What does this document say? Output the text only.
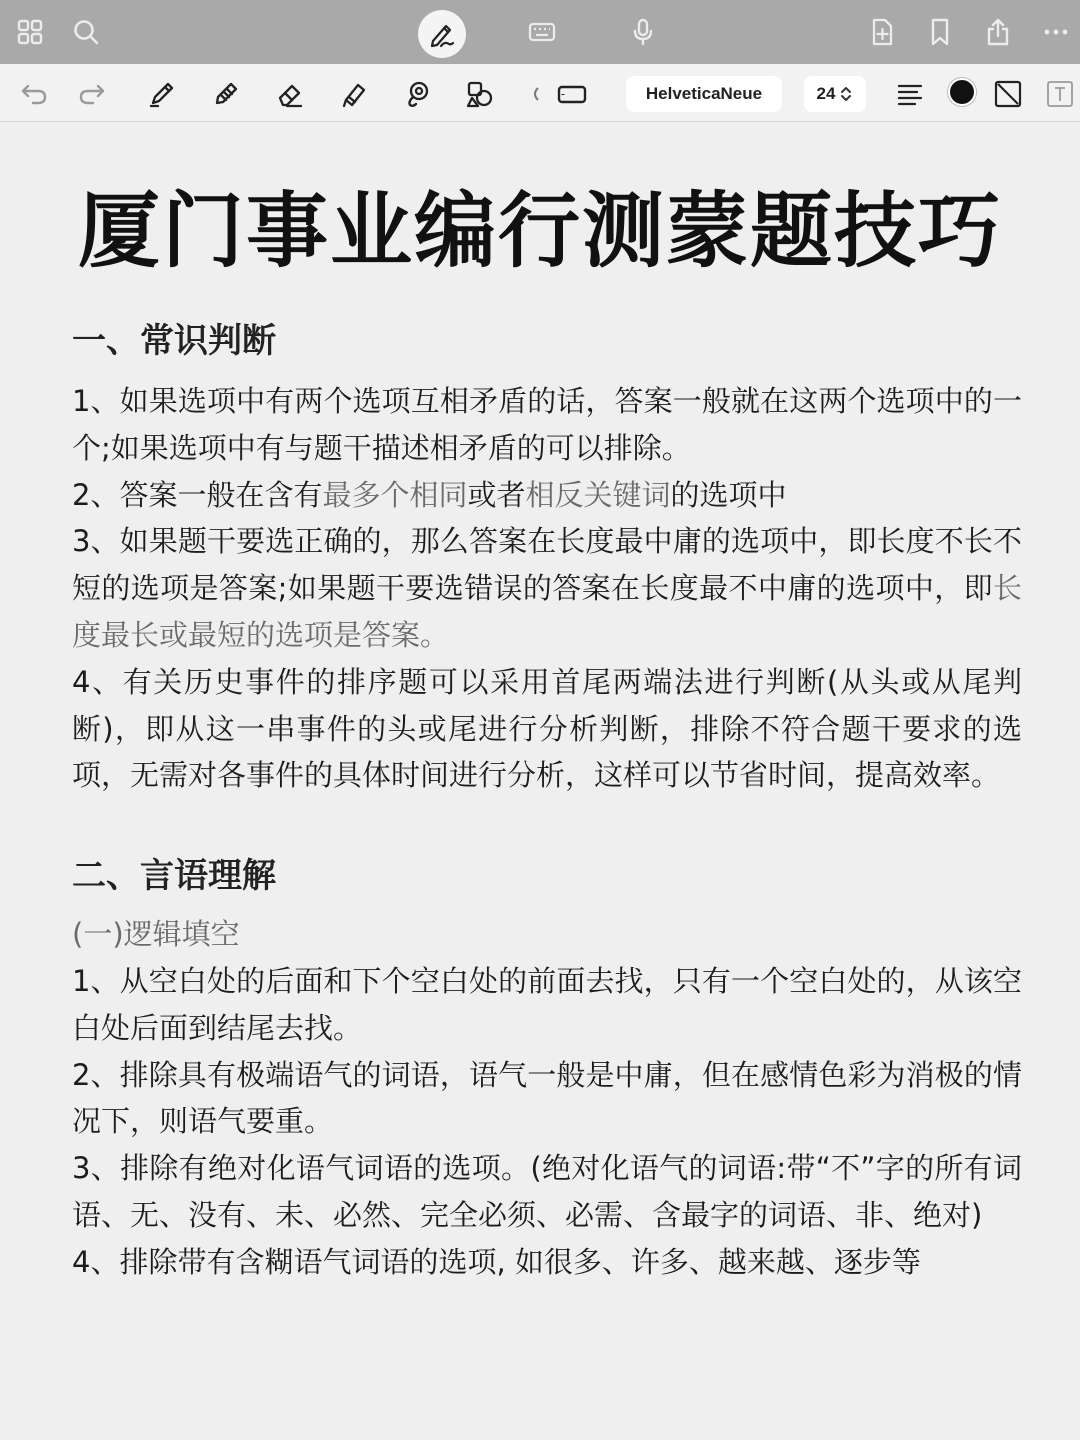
HelveticaNeue	24
厦门事业编行测蒙题技巧
一、常识判断
1、如果选项中有两个选项互相矛盾的话，答案一般就在这两个选项中的一个;如果选项中有与题干描述相矛盾的可以排除。
2、答案一般在含有最多个相同或者相反关键词的选项中
3、如果题干要选正确的，那么答案在长度最中庸的选项中，即长度不长不短的选项是答案;如果题干要选错误的答案在长度最不中庸的选项中，即长度最长或最短的选项是答案。
4、有关历史事件的排序题可以采用首尾两端法进行判断(从头或从尾判断)，即从这一串事件的头或尾进行分析判断，排除不符合题干要求的选项，无需对各事件的具体时间进行分析，这样可以节省时间，提高效率。
二、言语理解
(一)逻辑填空
1、从空白处的后面和下个空白处的前面去找，只有一个空白处的，从该空白处后面到结尾去找。
2、排除具有极端语气的词语，语气一般是中庸，但在感情色彩为消极的情况下，则语气要重。
3、排除有绝对化语气词语的选项。(绝对化语气的词语:带“不”字的所有词语、无、没有、未、必然、完全必须、必需、含最字的词语、非、绝对)
4、排除带有含糊语气词语的选项, 如很多、许多、越来越、逐步等
